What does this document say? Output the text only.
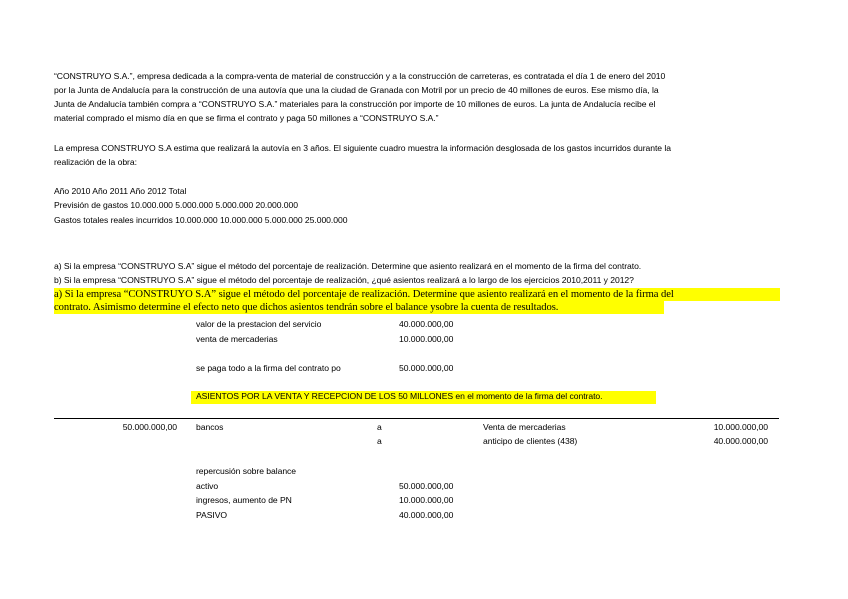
“CONSTRUYO S.A.”, empresa dedicada a la compra-venta de material de construcción y a la construcción de carreteras, es contratada el día 1 de enero del 2010
por la Junta de Andalucía para la construcción de una autovía que una la ciudad de Granada con Motril por un precio de 40 millones de euros. Ese mismo día, la
Junta de Andalucía también compra a “CONSTRUYO S.A.” materiales para la construcción por importe de 10 millones de euros. La junta de Andalucía recibe el
material comprado el mismo día en que se firma el contrato y paga 50 millones a “CONSTRUYO S.A.”
La empresa CONSTRUYO S.A estima que realizará la autovía en 3 años. El siguiente cuadro muestra la información desglosada de los gastos incurridos durante la
realización de la obra:
Año 2010 Año 2011 Año 2012 Total
Previsión de gastos 10.000.000 5.000.000 5.000.000 20.000.000
Gastos totales reales incurridos 10.000.000 10.000.000 5.000.000 25.000.000
a) Si la empresa “CONSTRUYO S.A” sigue el método del porcentaje de realización. Determine que asiento realizará en el momento de la firma del contrato.
b) Si la empresa “CONSTRUYO S.A” sigue el método del porcentaje de realización, ¿qué asientos realizará a lo largo de los ejercicios 2010,2011 y 2012?
a) Si la empresa “CONSTRUYO S.A” sigue el método del porcentaje de realización. Determine que asiento realizará en el momento de la firma del
contrato. Asimismo determine el efecto neto que dichos asientos tendrán sobre el balance ysobre la cuenta de resultados.
valor de la prestacion del servicio	40.000.000,00
venta de mercaderias	10.000.000,00
se paga todo a la firma del contrato po	50.000.000,00
ASIENTOS POR LA VENTA Y RECEPCION DE LOS 50 MILLONES en el momento de la firma del contrato.
50.000.000,00 bancos	a	Venta de mercaderias	10.000.000,00
a	anticipo de clientes (438)	40.000.000,00
repercusión sobre balance
activo	50.000.000,00
ingresos, aumento de PN	10.000.000,00
PASIVO	40.000.000,00
